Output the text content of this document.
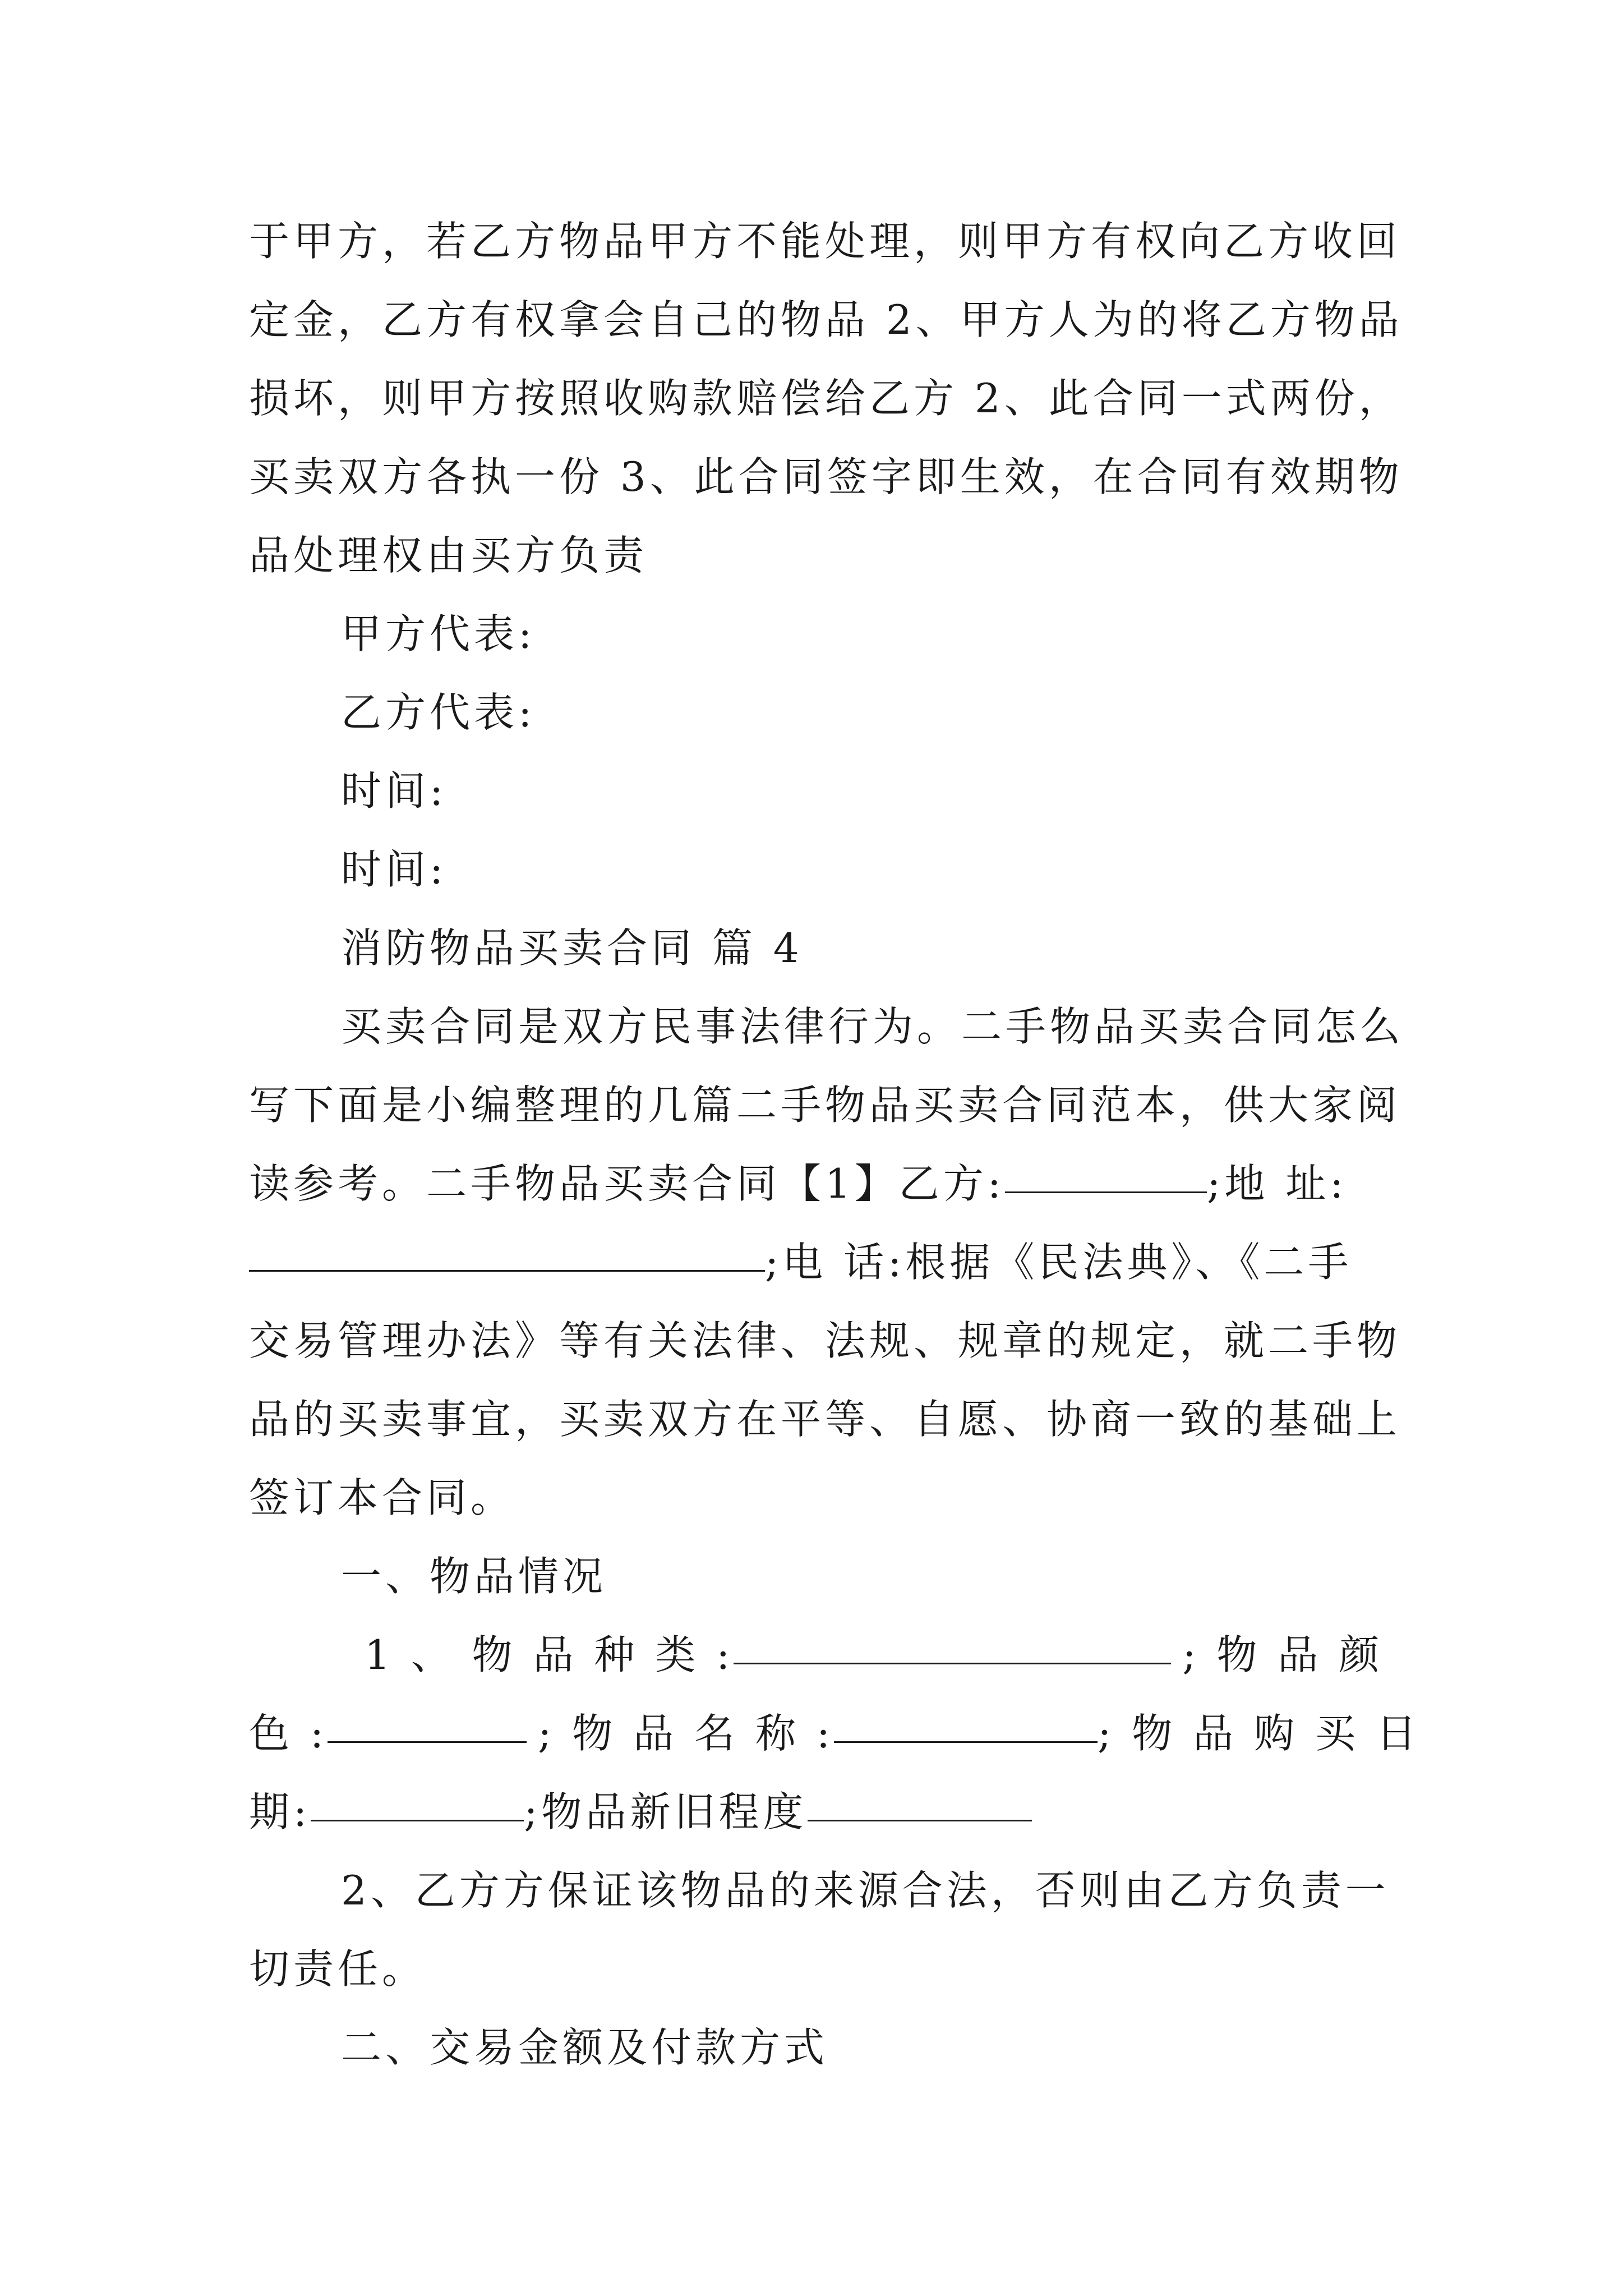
于甲方，若乙方物品甲方不能处理，则甲方有权向乙方收回
定金，乙方有权拿会自己的物品 2、甲方人为的将乙方物品
损坏，则甲方按照收购款赔偿给乙方 2、此合同一式两份，
买卖双方各执一份 3、此合同签字即生效，在合同有效期物
品处理权由买方负责
甲方代表:
乙方代表:
时间:
时间:
消防物品买卖合同 篇 4
买卖合同是双方民事法律行为。二手物品买卖合同怎么
写下面是小编整理的几篇二手物品买卖合同范本，供大家阅
读参考。二手物品买卖合同【1】乙方:	;地 址:
;电 话:根据《民法典》、《二手
交易管理办法》等有关法律、法规、规章的规定，就二手物
品的买卖事宜，买卖双方在平等、自愿、协商一致的基础上
签订本合同。
一、物品情况
1 、 物 品 种 类 :	; 物 品 颜
色 :	; 物 品 名 称 :	; 物 品 购 买 日
期:	;物品新旧程度
2、乙方方保证该物品的来源合法，否则由乙方负责一
切责任。
二、交易金额及付款方式
